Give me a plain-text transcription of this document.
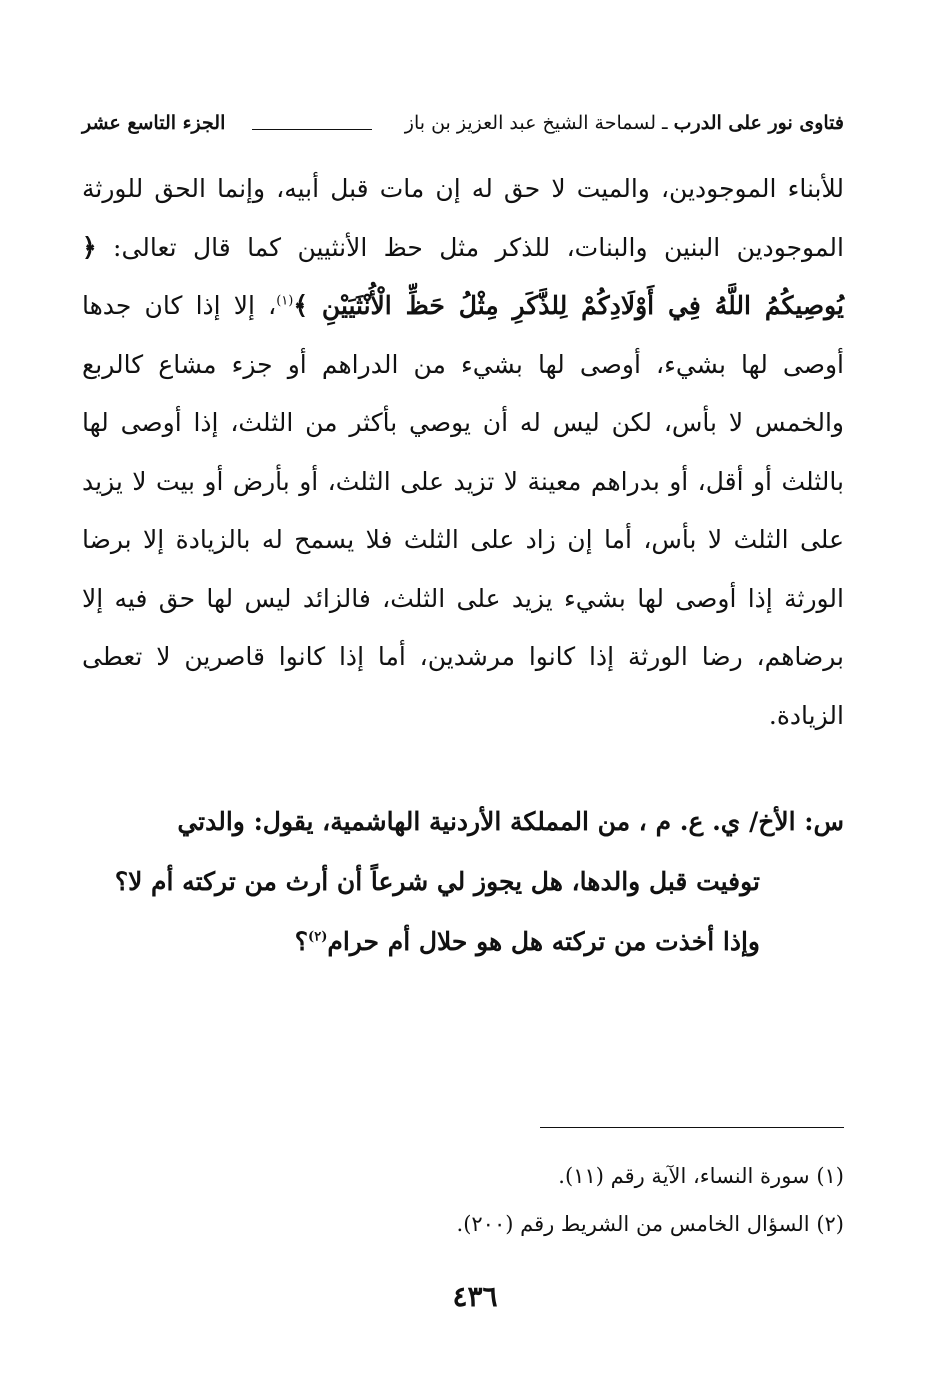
فتاوى نور على الدرب ـ لسماحة الشيخ عبد العزيز بن باز
الجزء التاسع عشر

للأبناء الموجودين، والميت لا حق له إن مات قبل أبيه، وإنما الحق للورثة الموجودين البنين والبنات، للذكر مثل حظ الأنثيين كما قال تعالى: ﴿ يُوصِيكُمُ اللَّهُ فِي أَوْلَادِكُمْ لِلذَّكَرِ مِثْلُ حَظِّ الْأُنْثَيَيْنِ ﴾$^{(١)}$، إلا إذا كان جدها أوصى لها بشيء، أوصى لها بشيء من الدراهم أو جزء مشاع كالربع والخمس لا بأس، لكن ليس له أن يوصي بأكثر من الثلث، إذا أوصى لها بالثلث أو أقل، أو بدراهم معينة لا تزيد على الثلث، أو بأرض أو بيت لا يزيد على الثلث لا بأس، أما إن زاد على الثلث فلا يسمح له بالزيادة إلا برضا الورثة إذا أوصى لها بشيء يزيد على الثلث، فالزائد ليس لها حق فيه إلا برضاهم، رضا الورثة إذا كانوا مرشدين، أما إذا كانوا قاصرين لا تعطى الزيادة.

س: الأخ/ ي. ع. م ، من المملكة الأردنية الهاشمية، يقول: والدتي

توفيت قبل والدها، هل يجوز لي شرعاً أن أرث من تركته أم لا؟

وإذا أخذت من تركته هل هو حلال أم حرام$^{(٢)}$؟

(١) سورة النساء، الآية رقم (١١).

(٢) السؤال الخامس من الشريط رقم (٢٠٠).

٤٣٦
